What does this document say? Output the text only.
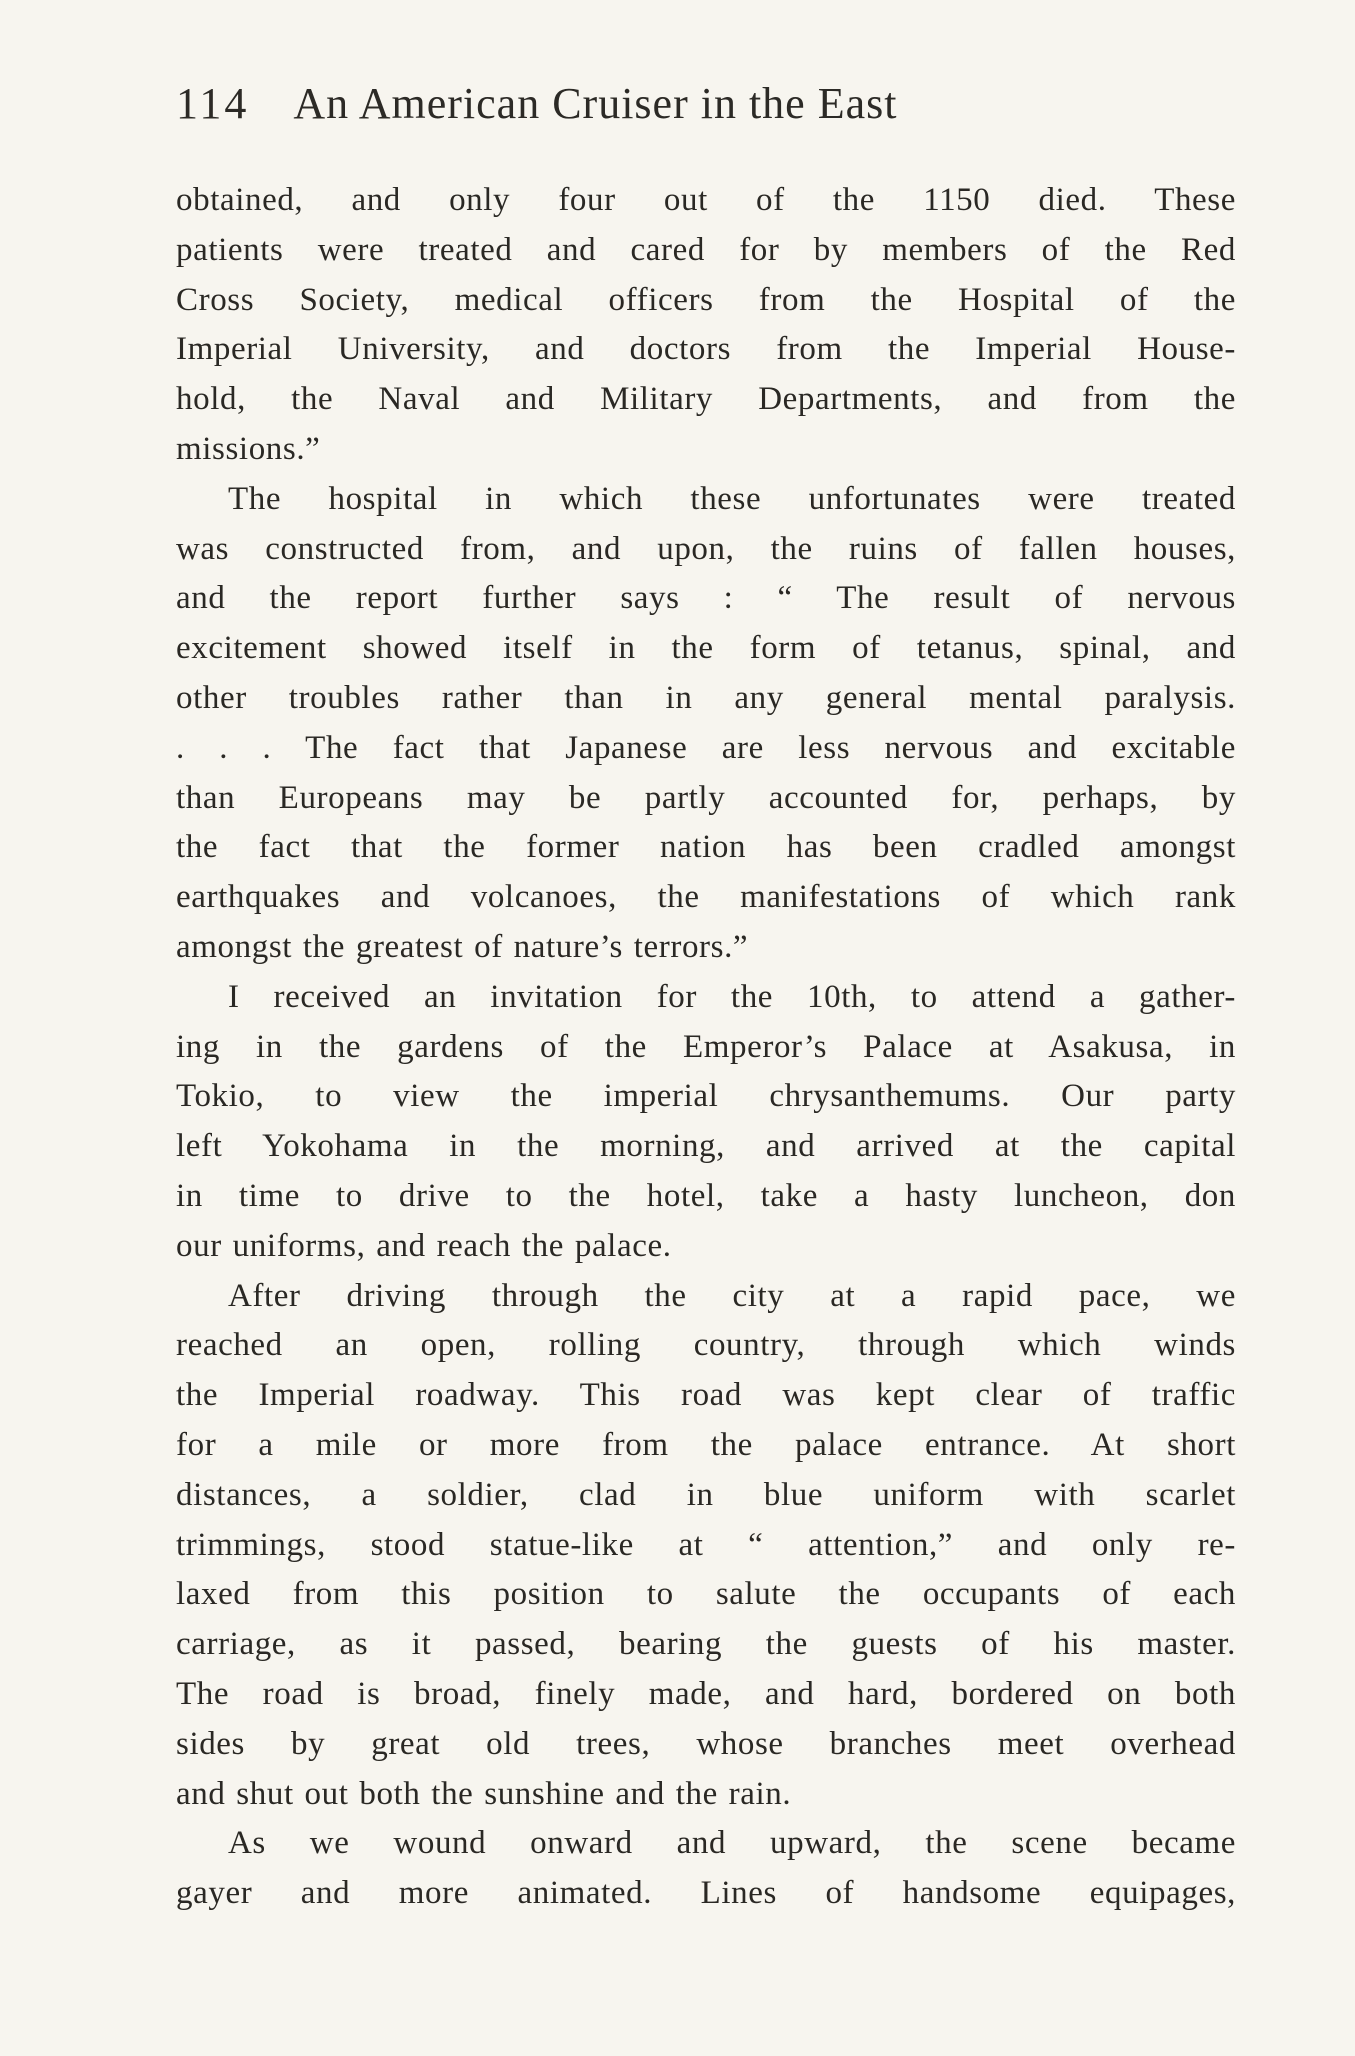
114 An American Cruiser in the East

obtained, and only four out of the 1150 died. These

patients were treated and cared for by members of the Red

Cross Society, medical officers from the Hospital of the

Imperial University, and doctors from the Imperial House-

hold, the Naval and Military Departments, and from the

missions.”

The hospital in which these unfortunates were treated

was constructed from, and upon, the ruins of fallen houses,

and the report further says : “ The result of nervous

excitement showed itself in the form of tetanus, spinal, and

other troubles rather than in any general mental paralysis.

. . . The fact that Japanese are less nervous and excitable

than Europeans may be partly accounted for, perhaps, by

the fact that the former nation has been cradled amongst

earthquakes and volcanoes, the manifestations of which rank

amongst the greatest of nature’s terrors.”

I received an invitation for the 10th, to attend a gather-

ing in the gardens of the Emperor’s Palace at Asakusa, in

Tokio, to view the imperial chrysanthemums. Our party

left Yokohama in the morning, and arrived at the capital

in time to drive to the hotel, take a hasty luncheon, don

our uniforms, and reach the palace.

After driving through the city at a rapid pace, we

reached an open, rolling country, through which winds

the Imperial roadway. This road was kept clear of traffic

for a mile or more from the palace entrance. At short

distances, a soldier, clad in blue uniform with scarlet

trimmings, stood statue-like at “ attention,” and only re-

laxed from this position to salute the occupants of each

carriage, as it passed, bearing the guests of his master.

The road is broad, finely made, and hard, bordered on both

sides by great old trees, whose branches meet overhead

and shut out both the sunshine and the rain.

As we wound onward and upward, the scene became

gayer and more animated. Lines of handsome equipages,
